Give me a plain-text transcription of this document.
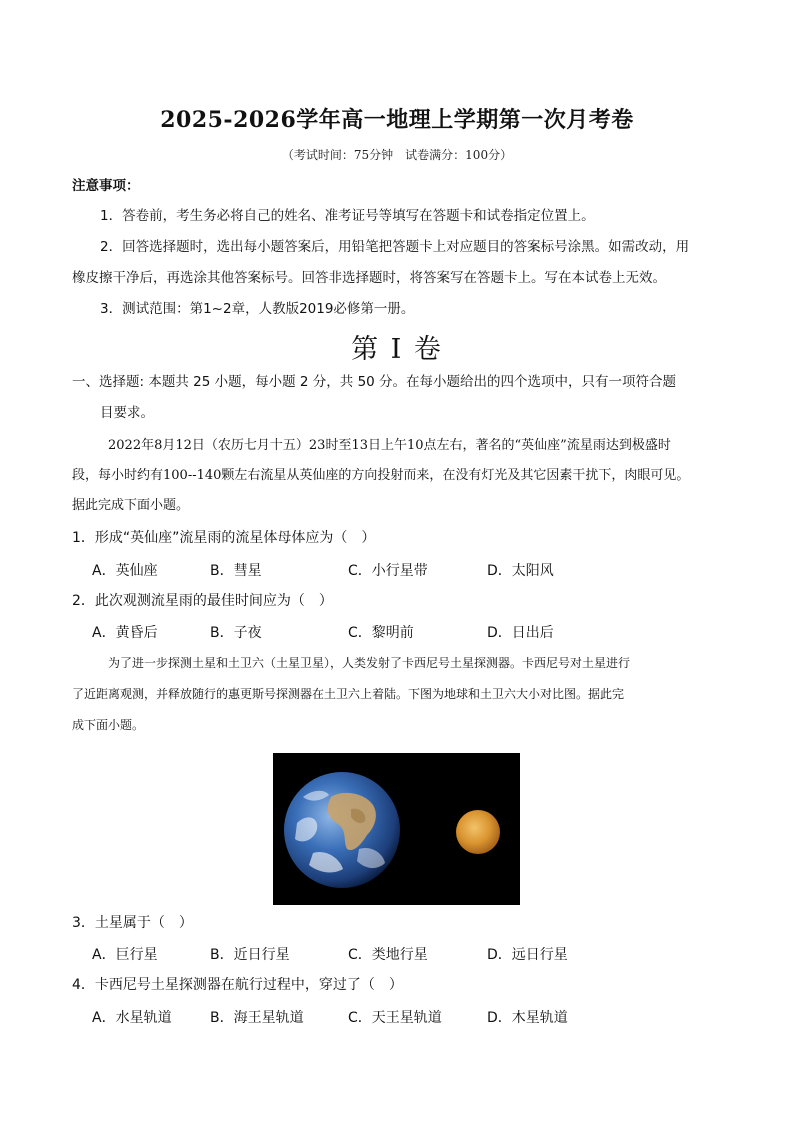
2025-2026学年高一地理上学期第一次月考卷
（考试时间：75分钟　试卷满分：100分）
注意事项：
1．答卷前，考生务必将自己的姓名、准考证号等填写在答题卡和试卷指定位置上。
2．回答选择题时，选出每小题答案后，用铅笔把答题卡上对应题目的答案标号涂黑。如需改动，用
橡皮擦干净后，再选涂其他答案标号。回答非选择题时，将答案写在答题卡上。写在本试卷上无效。
3．测试范围：第1~2章，人教版2019必修第一册。
第 I 卷
一、选择题: 本题共 25 小题，每小题 2 分，共 50 分。在每小题给出的四个选项中，只有一项符合题
目要求。
2022年8月12日（农历七月十五）23时至13日上午10点左右，著名的“英仙座”流星雨达到极盛时
段，每小时约有100--140颗左右流星从英仙座的方向投射而来，在没有灯光及其它因素干扰下，肉眼可见。
据此完成下面小题。
1．形成“英仙座”流星雨的流星体母体应为（　）
A．英仙座	B．彗星	C．小行星带	D．太阳风
2．此次观测流星雨的最佳时间应为（　）
A．黄昏后	B．子夜	C．黎明前	D．日出后
为了进一步探测土星和土卫六（土星卫星），人类发射了卡西尼号土星探测器。卡西尼号对土星进行
了近距离观测，并释放随行的惠更斯号探测器在土卫六上着陆。下图为地球和土卫六大小对比图。据此完
成下面小题。
3．土星属于（　）
A．巨行星	B．近日行星	C．类地行星	D．远日行星
4．卡西尼号土星探测器在航行过程中，穿过了（　）
A．水星轨道	B．海王星轨道	C．天王星轨道	D．木星轨道
